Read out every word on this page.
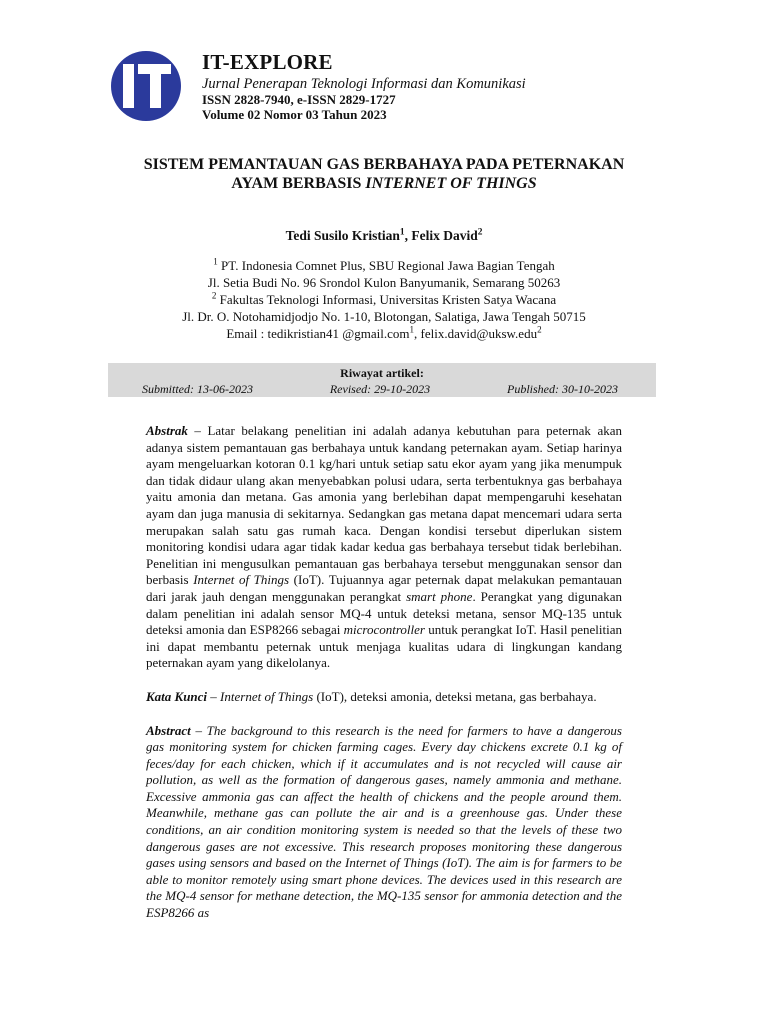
IT
IT-EXPLORE
Jurnal Penerapan Teknologi Informasi dan Komunikasi
ISSN 2828-7940, e-ISSN 2829-1727
Volume 02 Nomor 03 Tahun 2023
SISTEM PEMANTAUAN GAS BERBAHAYA PADA PETERNAKAN
AYAM BERBASIS INTERNET OF THINGS
Tedi Susilo Kristian$^1$, Felix David$^2$
$^1$ PT. Indonesia Comnet Plus, SBU Regional Jawa Bagian Tengah
Jl. Setia Budi No. 96 Srondol Kulon Banyumanik, Semarang 50263
$^2$ Fakultas Teknologi Informasi, Universitas Kristen Satya Wacana
Jl. Dr. O. Notohamidjodjo No. 1-10, Blotongan, Salatiga, Jawa Tengah 50715
Email : tedikristian41 @gmail.com$^1$, felix.david@uksw.edu$^2$
Riwayat artikel:
Submitted: 13-06-2023	Revised: 29-10-2023	Published: 30-10-2023

Abstrak – Latar belakang penelitian ini adalah adanya kebutuhan para peternak akan adanya sistem pemantauan gas berbahaya untuk kandang peternakan ayam. Setiap harinya ayam mengeluarkan kotoran 0.1 kg/hari untuk setiap satu ekor ayam yang jika menumpuk dan tidak didaur ulang akan menyebabkan polusi udara, serta terbentuknya gas berbahaya yaitu amonia dan metana. Gas amonia yang berlebihan dapat mempengaruhi kesehatan ayam dan juga manusia di sekitarnya. Sedangkan gas metana dapat mencemari udara serta merupakan salah satu gas rumah kaca. Dengan kondisi tersebut diperlukan sistem monitoring kondisi udara agar tidak kadar kedua gas berbahaya tersebut tidak berlebihan. Penelitian ini mengusulkan pemantauan gas berbahaya tersebut menggunakan sensor dan berbasis Internet of Things (IoT). Tujuannya agar peternak dapat melakukan pemantauan dari jarak jauh dengan menggunakan perangkat smart phone. Perangkat yang digunakan dalam penelitian ini adalah sensor MQ-4 untuk deteksi metana, sensor MQ-135 untuk deteksi amonia dan ESP8266 sebagai microcontroller untuk perangkat IoT. Hasil penelitian ini dapat membantu peternak untuk menjaga kualitas udara di lingkungan kandang peternakan ayam yang dikelolanya.

Kata Kunci – Internet of Things (IoT), deteksi amonia, deteksi metana, gas berbahaya.

Abstract – The background to this research is the need for farmers to have a dangerous gas monitoring system for chicken farming cages. Every day chickens excrete 0.1 kg of feces/day for each chicken, which if it accumulates and is not recycled will cause air pollution, as well as the formation of dangerous gases, namely ammonia and methane. Excessive ammonia gas can affect the health of chickens and the people around them. Meanwhile, methane gas can pollute the air and is a greenhouse gas. Under these conditions, an air condition monitoring system is needed so that the levels of these two dangerous gases are not excessive. This research proposes monitoring these dangerous gases using sensors and based on the Internet of Things (IoT). The aim is for farmers to be able to monitor remotely using smart phone devices. The devices used in this research are the MQ-4 sensor for methane detection, the MQ-135 sensor for ammonia detection and the ESP8266 as
